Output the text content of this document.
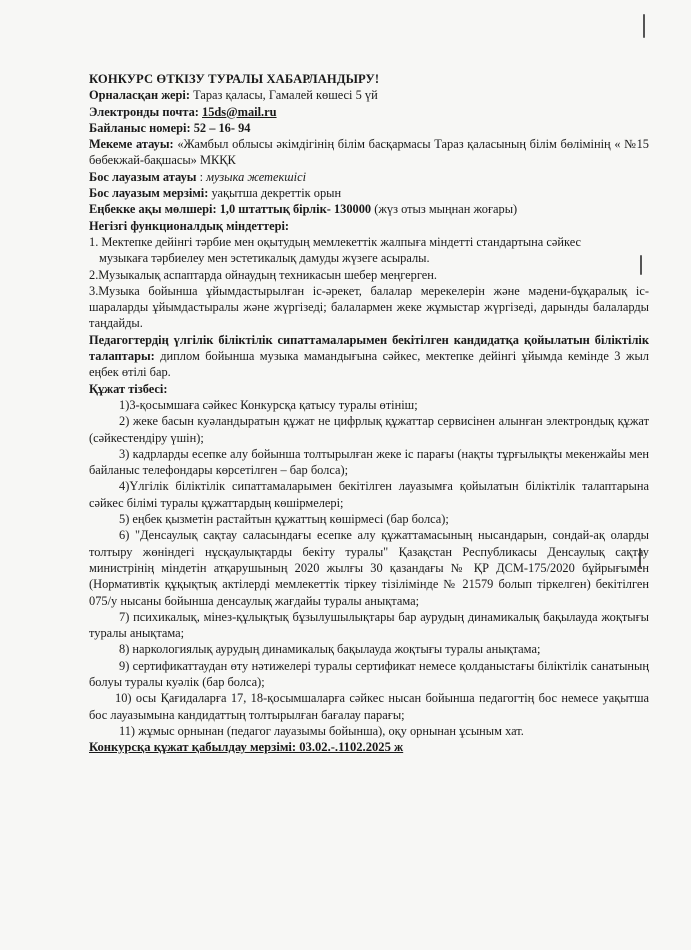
КОНКУРС ӨТКІЗУ ТУРАЛЫ ХАБАРЛАНДЫРУ!

Орналасқан жері: Тараз қаласы, Гамалей көшесі 5 үй

Электронды почта: 15ds@mail.ru

Байланыс номері: 52 – 16- 94

Мекеме атауы: «Жамбыл облысы әкімдігінің білім басқармасы Тараз қаласының білім бөлімінің « №15 бөбекжай-бақшасы» МКҚК

Бос лауазым атауы : музыка жетекшісі

Бос лауазым мерзімі: уақытша декреттік орын

Еңбекке ақы мөлшері: 1,0 штаттық бірлік- 130000 (жүз отыз мыңнан жоғары)

Негізгі функционалдық міндеттері:

1. Мектепке дейінгі тәрбие мен оқытудың мемлекеттік жалпыға міндетті стандартына сәйкес музыкаға тәрбиелеу мен эстетикалық дамуды жүзеге асыралы.

2.Музыкалық аспаптарда ойнаудың техникасын шебер меңгерген.

3.Музыка бойынша ұйымдастырылған іс-әрекет, балалар мерекелерін және мәдени-бұқаралық іс-шараларды ұйымдастыралы және жүргізеді; балалармен жеке жұмыстар жүргізеді, дарынды балаларды таңдайды.

Педагогтердің үлгілік біліктілік сипаттамаларымен бекітілген кандидатқа қойылатын біліктілік талаптары: диплом бойынша музыка мамандығына сәйкес, мектепке дейінгі ұйымда кемінде 3 жыл еңбек өтілі бар.

Құжат тізбесі:

1)3-қосымшаға сәйкес Конкурсқа қатысу туралы өтініш;

2) жеке басын куәландыратын құжат не цифрлық құжаттар сервисінен алынған электрондық құжат (сәйкестендіру үшін);

3) кадрларды есепке алу бойынша толтырылған жеке іс парағы (нақты тұрғылықты мекенжайы мен байланыс телефондары көрсетілген – бар болса);

4)Үлгілік біліктілік сипаттамаларымен бекітілген лауазымға қойылатын біліктілік талаптарына сәйкес білімі туралы құжаттардың көшірмелері;

5) еңбек қызметін растайтын құжаттың көшірмесі (бар болса);

6) "Денсаулық сақтау саласындағы есепке алу құжаттамасының нысандарын, сондай-ақ оларды толтыру жөніндегі нұсқаулықтарды бекіту туралы" Қазақстан Республикасы Денсаулық сақтау министрінің міндетін атқарушының 2020 жылғы 30 қазандағы № ҚР ДСМ-175/2020 бұйрығымен (Нормативтік құқықтық актілерді мемлекеттік тіркеу тізілімінде № 21579 болып тіркелген) бекітілген 075/у нысаны бойынша денсаулық жағдайы туралы анықтама;

7) психикалық, мінез-құлықтық бұзылушылықтары бар аурудың динамикалық бақылауда жоқтығы туралы анықтама;

8) наркологиялық аурудың динамикалық бақылауда жоқтығы туралы анықтама;

9) сертификаттаудан өту нәтижелері туралы сертификат немесе қолданыстағы біліктілік санатының болуы туралы куәлік (бар болса);

10) осы Қағидаларға 17, 18-қосымшаларға сәйкес нысан бойынша педагогтің бос немесе уақытша бос лауазымына кандидаттың толтырылған бағалау парағы;

11) жұмыс орнынан (педагог лауазымы бойынша), оқу орнынан ұсыным хат.

Конкурсқа құжат қабылдау мерзімі: 03.02.-.1102.2025 ж
